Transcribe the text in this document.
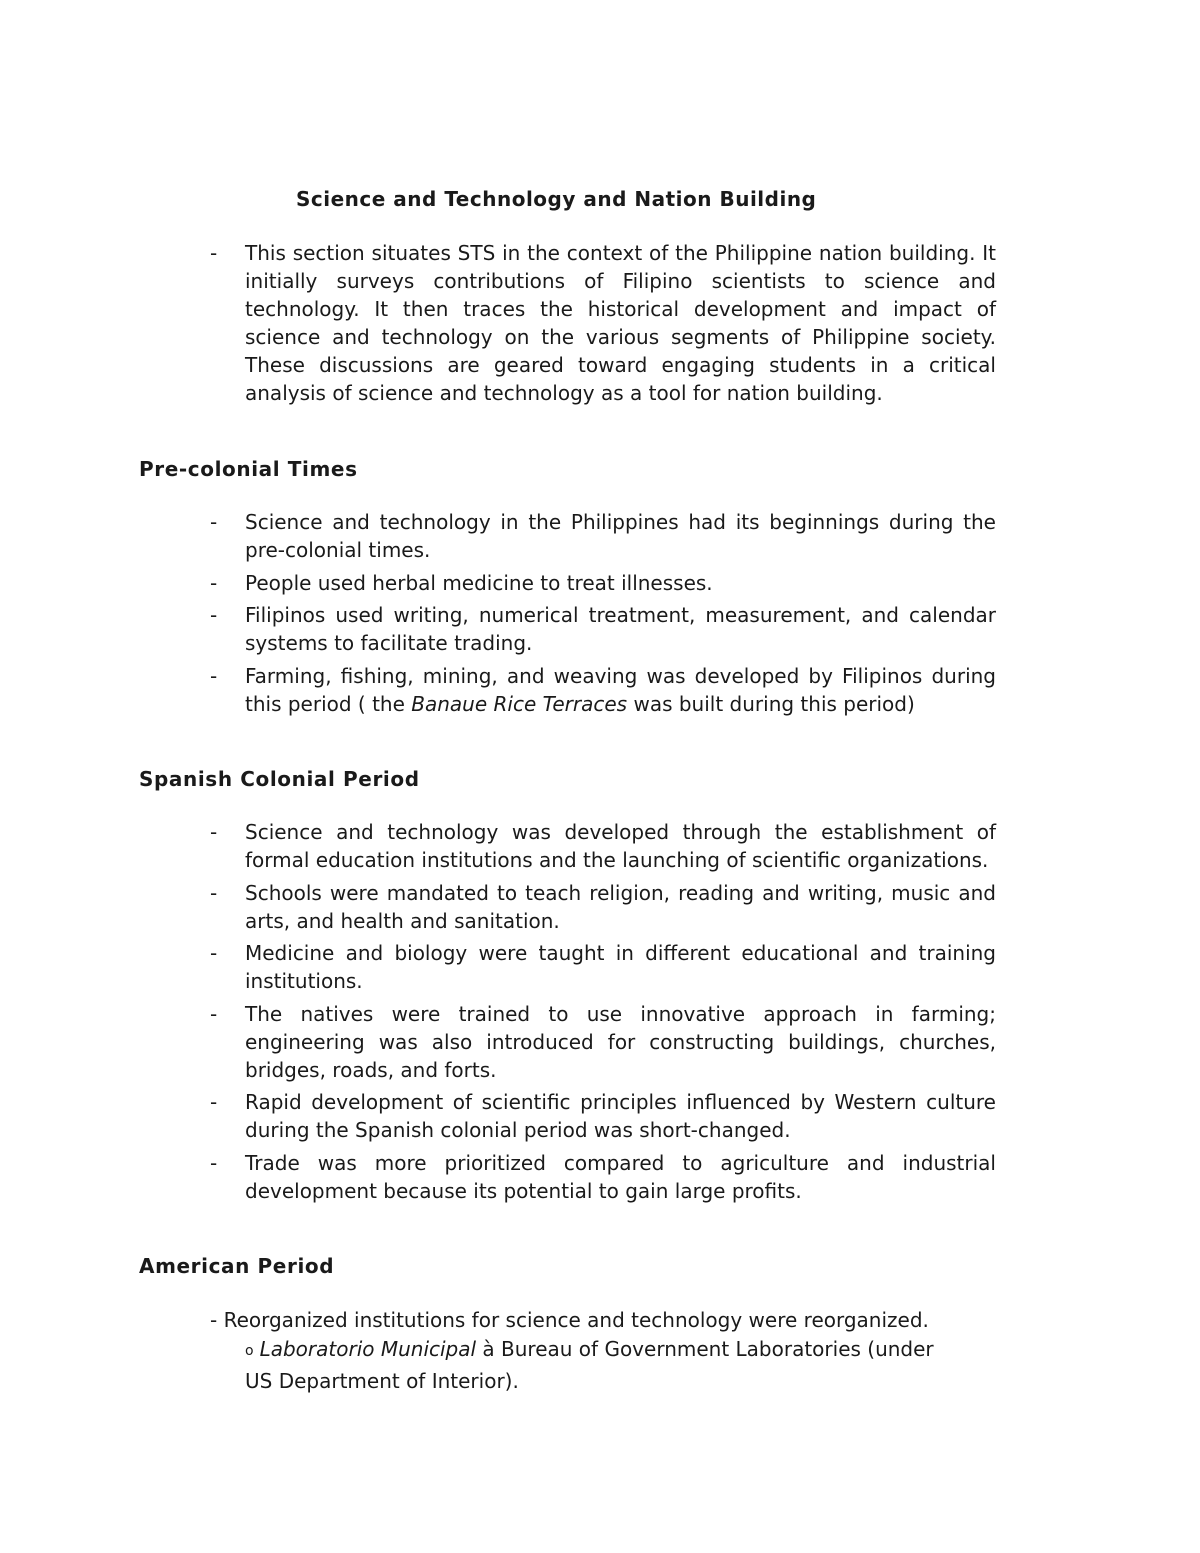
Science and Technology and Nation Building
-	This section situates STS in the context of the Philippine nation building. It initially surveys contributions of Filipino scientists to science and technology. It then traces the historical development and impact of science and technology on the various segments of Philippine society. These discussions are geared toward engaging students in a critical analysis of science and technology as a tool for nation building.
Pre-colonial Times
- Science and technology in the Philippines had its beginnings during the pre-colonial times.
- People used herbal medicine to treat illnesses.
- Filipinos used writing, numerical treatment, measurement, and calendar systems to facilitate trading.
- Farming, fishing, mining, and weaving was developed by Filipinos during this period ( the Banaue Rice Terraces was built during this period)
Spanish Colonial Period
- Science and technology was developed through the establishment of formal education institutions and the launching of scientific organizations.
- Schools were mandated to teach religion, reading and writing, music and arts, and health and sanitation.
- Medicine and biology were taught in different educational and training institutions.
- The natives were trained to use innovative approach in farming; engineering was also introduced for constructing buildings, churches, bridges, roads, and forts.
- Rapid development of scientific principles influenced by Western culture during the Spanish colonial period was short-changed.
- Trade was more prioritized compared to agriculture and industrial development because its potential to gain large profits.
American Period
- Reorganized institutions for science and technology were reorganized.
o Laboratorio Municipal à Bureau of Government Laboratories (under
US Department of Interior).
